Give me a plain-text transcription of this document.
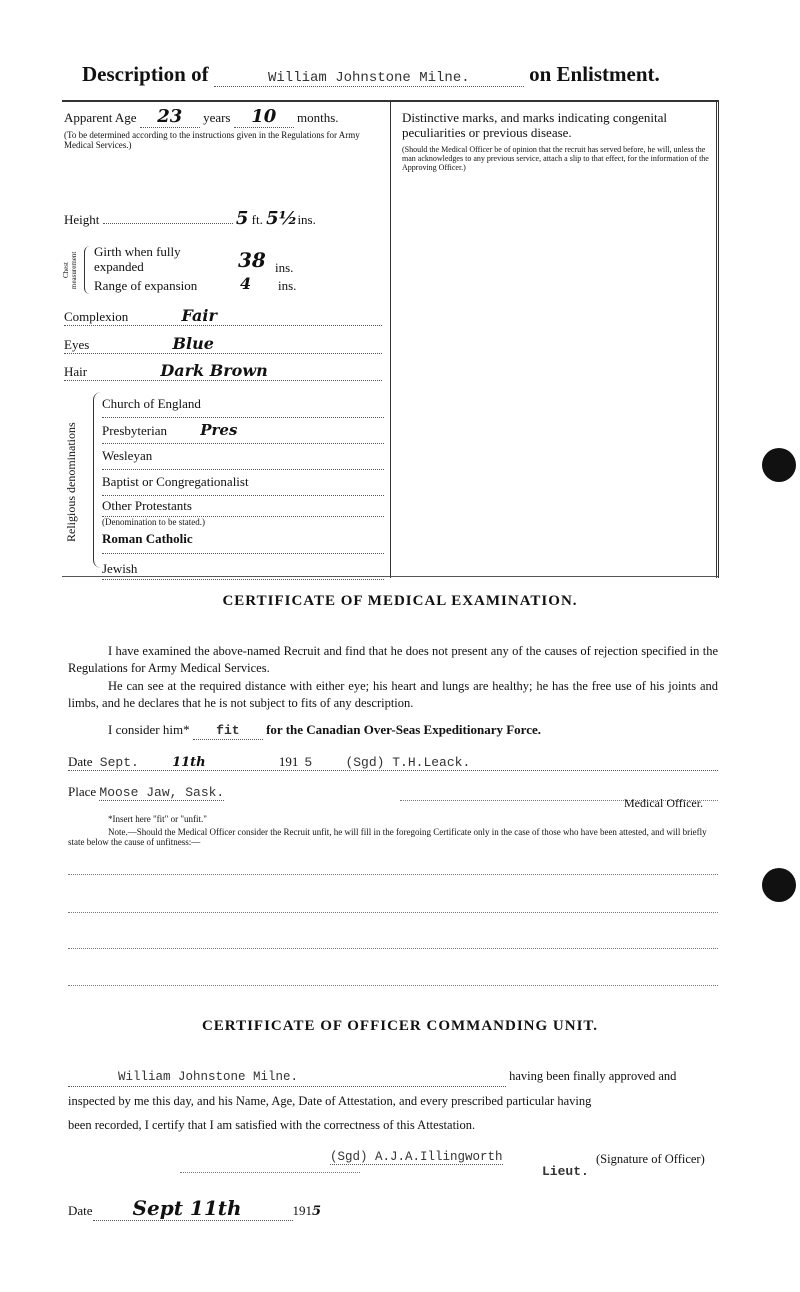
Description of	William Johnstone Milne.	on Enlistment.
Apparent Age 23 years 10 months.
(To be determined according to the instructions given in the Regulations for Army Medical Services.)
Height	5 ft. 5½ins.
Chest measurement Girth when fully expanded	38 ins.
Range of expansion	4 ins.
Complexion	Fair
Eyes	Blue
Hair	Dark Brown
Religious denominations
Church of England
Presbyterian Pres
Wesleyan
Baptist or Congregationalist
Other Protestants
(Denomination to be stated.)
Roman Catholic
Jewish
Distinctive marks, and marks indicating congenital peculiarities or previous disease.
(Should the Medical Officer be of opinion that the recruit has served before, he will, unless the man acknowledges to any previous service, attach a slip to that effect, for the information of the Approving Officer.)
CERTIFICATE OF MEDICAL EXAMINATION.
I have examined the above-named Recruit and find that he does not present any of the causes of rejection specified in the Regulations for Army Medical Services.
He can see at the required distance with either eye; his heart and lungs are healthy; he has the free use of his joints and limbs, and he declares that he is not subject to fits of any description.
I consider him* fit for the Canadian Over-Seas Expeditionary Force.
Date Sept.	11th	191 5	(Sgd) T.H.Leack.
Place Moose Jaw, Sask.
Medical Officer.
*Insert here "fit" or "unfit."
Note.—Should the Medical Officer consider the Recruit unfit, he will fill in the foregoing Certificate only in the case of those who have been attested, and will briefly state below the cause of unfitness:—
CERTIFICATE OF OFFICER COMMANDING UNIT.
William Johnstone Milne.	having been finally approved and
inspected by me this day, and his Name, Age, Date of Attestation, and every prescribed particular having
been recorded, I certify that I am satisfied with the correctness of this Attestation.
(Sgd) A.J.A.Illingworth	(Signature of Officer)
Lieut.
Date Sept 11th	1915
